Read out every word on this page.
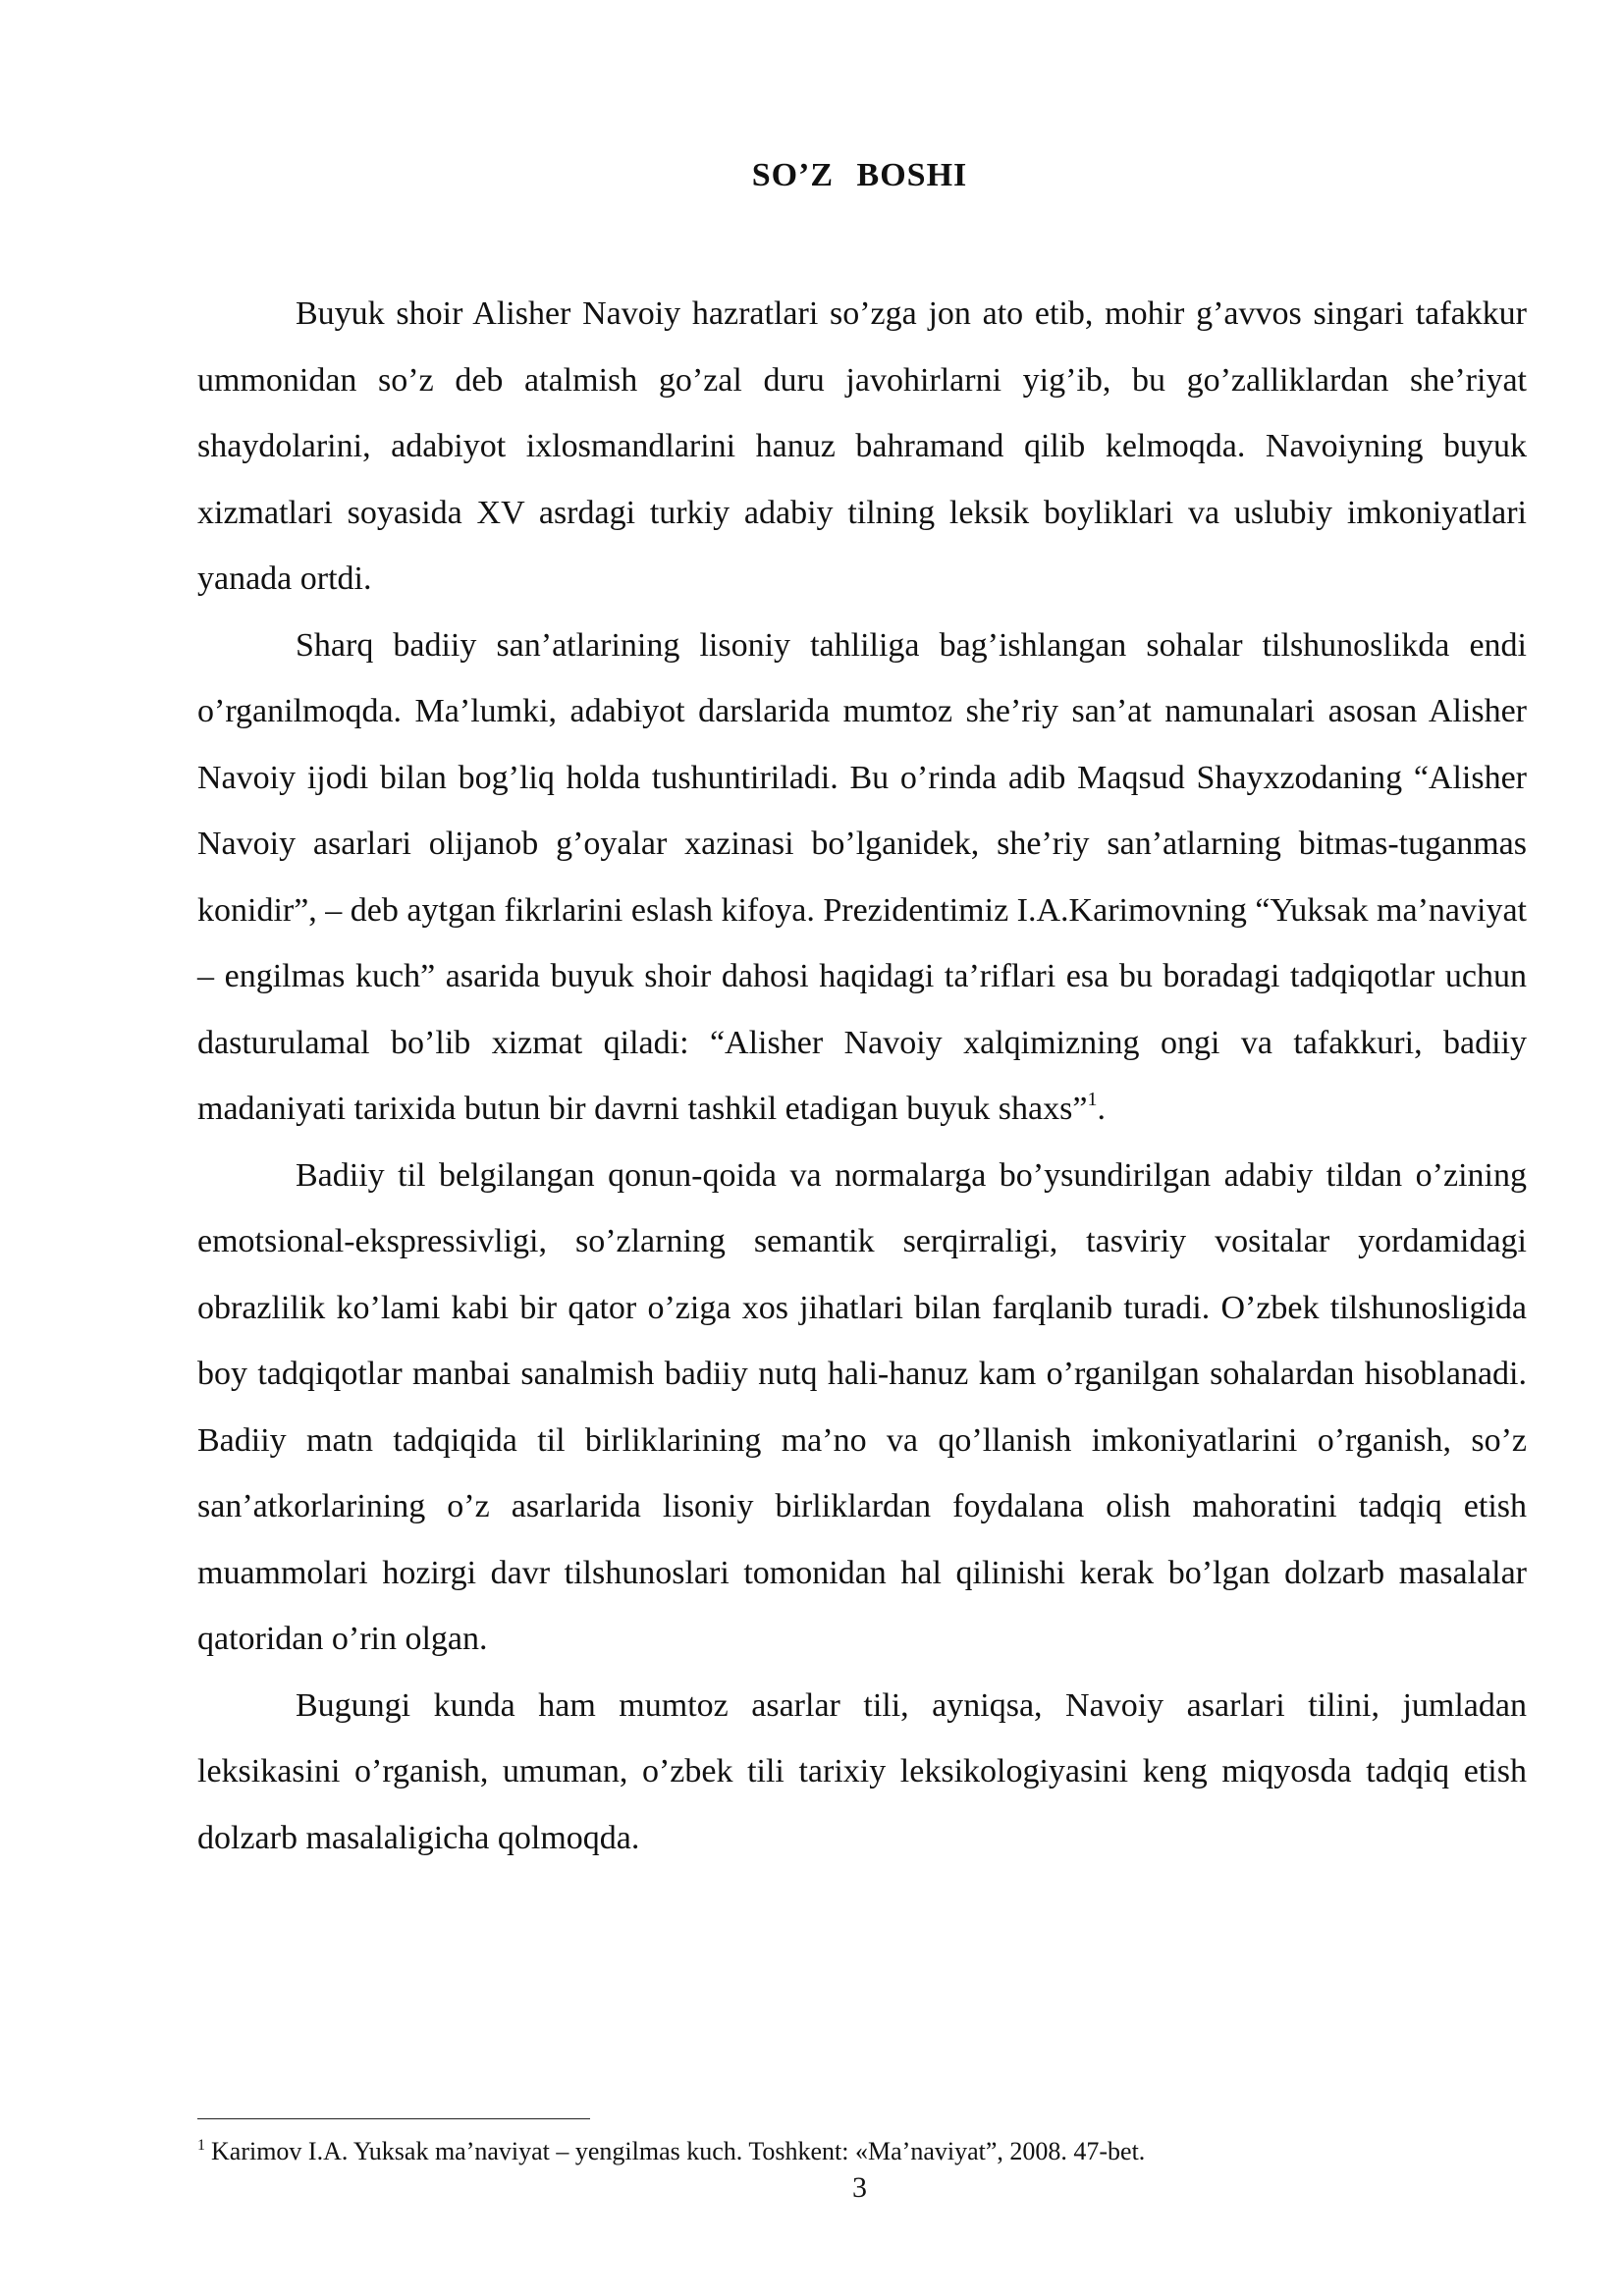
SO’Z BOSHI

Buyuk shoir Alisher Navoiy hazratlari so’zga jon ato etib, mohir g’avvos singari tafakkur ummonidan so’z deb atalmish go’zal duru javohirlarni yig’ib, bu go’zalliklardan she’riyat shaydolarini, adabiyot ixlosmandlarini hanuz bahramand qilib kelmoqda. Navoiyning buyuk xizmatlari soyasida XV asrdagi turkiy adabiy tilning leksik boyliklari va uslubiy imkoniyatlari yanada ortdi.

Sharq badiiy san’atlarining lisoniy tahliliga bag’ishlangan sohalar tilshunoslikda endi o’rganilmoqda. Ma’lumki, adabiyot darslarida mumtoz she’riy san’at namunalari asosan Alisher Navoiy ijodi bilan bog’liq holda tushuntiriladi. Bu o’rinda adib Maqsud Shayxzodaning “Alisher Navoiy asarlari olijanob g’oyalar xazinasi bo’lganidek, she’riy san’atlarning bitmas-tuganmas konidir”, – deb aytgan fikrlarini eslash kifoya. Prezidentimiz I.A.Karimovning “Yuksak ma’naviyat – engilmas kuch” asarida buyuk shoir dahosi haqidagi ta’riflari esa bu boradagi tadqiqotlar uchun dasturulamal bo’lib xizmat qiladi: “Alisher Navoiy xalqimizning ongi va tafakkuri, badiiy madaniyati tarixida butun bir davrni tashkil etadigan buyuk shaxs”$^1$.

Badiiy til belgilangan qonun-qoida va normalarga bo’ysundirilgan adabiy tildan o’zining emotsional-ekspressivligi, so’zlarning semantik serqirraligi, tasviriy vositalar yordamidagi obrazlilik ko’lami kabi bir qator o’ziga xos jihatlari bilan farqlanib turadi. O’zbek tilshunosligida boy tadqiqotlar manbai sanalmish badiiy nutq hali-hanuz kam o’rganilgan sohalardan hisoblanadi. Badiiy matn tadqiqida til birliklarining ma’no va qo’llanish imkoniyatlarini o’rganish, so’z san’atkorlarining o’z asarlarida lisoniy birliklardan foydalana olish mahoratini tadqiq etish muammolari hozirgi davr tilshunoslari tomonidan hal qilinishi kerak bo’lgan dolzarb masalalar qatoridan o’rin olgan.

Bugungi kunda ham mumtoz asarlar tili, ayniqsa, Navoiy asarlari tilini, jumladan leksikasini o’rganish, umuman, o’zbek tili tarixiy leksikologiyasini keng miqyosda tadqiq etish dolzarb masalaligicha qolmoqda.

$^1$ Karimov I.A. Yuksak ma’naviyat – yengilmas kuch. Toshkent: «Ma’naviyat”, 2008. 47-bet.
3
